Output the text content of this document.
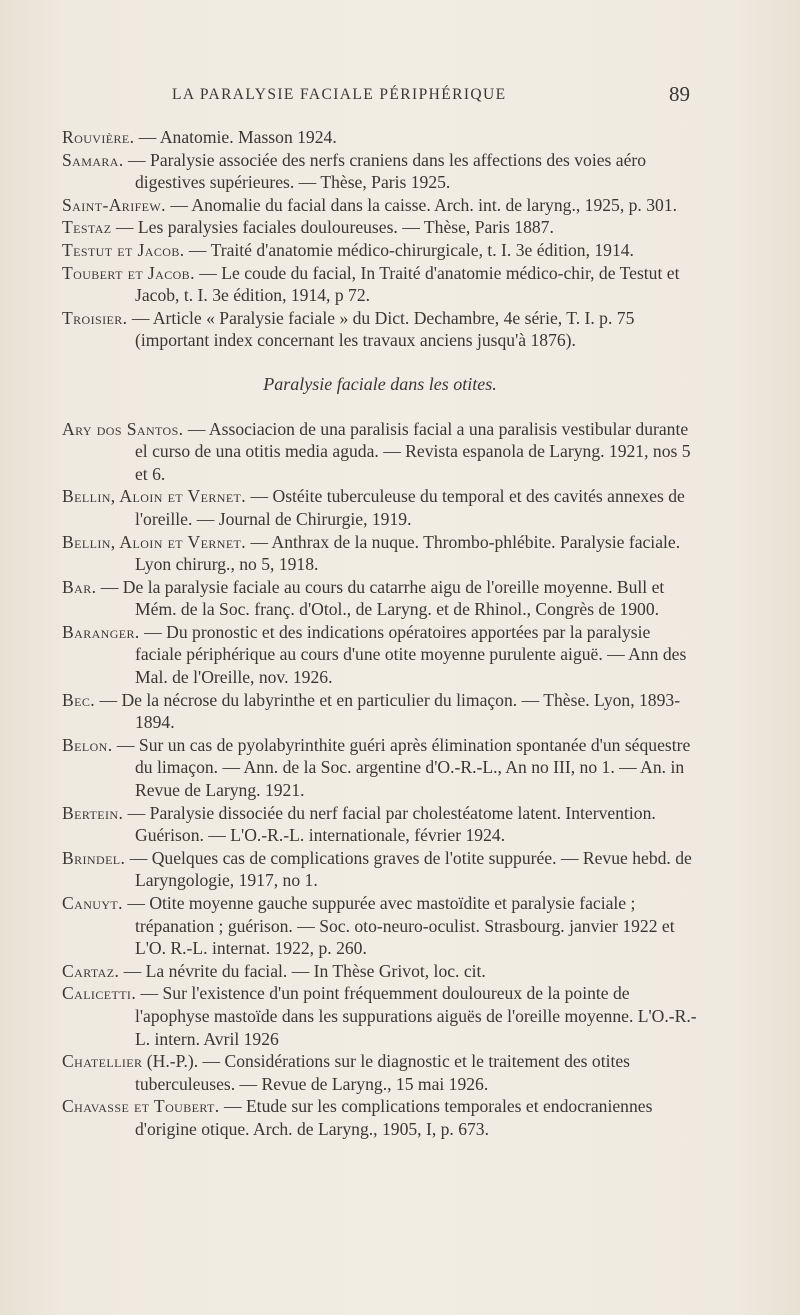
LA PARALYSIE FACIALE PÉRIPHÉRIQUE	89

Rouvière. — Anatomie. Masson 1924.

Samara. — Paralysie associée des nerfs craniens dans les affections des voies aéro digestives supérieures. — Thèse, Paris 1925.

Saint-Arifew. — Anomalie du facial dans la caisse. Arch. int. de laryng., 1925, p. 301.

Testaz — Les paralysies faciales douloureuses. — Thèse, Paris 1887.

Testut et Jacob. — Traité d'anatomie médico-chirurgicale, t. I. 3e édition, 1914.

Toubert et Jacob. — Le coude du facial, In Traité d'anatomie médico-chir, de Testut et Jacob, t. I. 3e édition, 1914, p 72.

Troisier. — Article « Paralysie faciale » du Dict. Dechambre, 4e série, T. I. p. 75 (important index concernant les travaux anciens jusqu'à 1876).

Paralysie faciale dans les otites.

Ary dos Santos. — Associacion de una paralisis facial a una paralisis vestibular durante el curso de una otitis media aguda. — Revista espanola de Laryng. 1921, nos 5 et 6.

Bellin, Aloin et Vernet. — Ostéite tuberculeuse du temporal et des cavités annexes de l'oreille. — Journal de Chirurgie, 1919.

Bellin, Aloin et Vernet. — Anthrax de la nuque. Thrombo-phlébite. Paralysie faciale. Lyon chirurg., no 5, 1918.

Bar. — De la paralysie faciale au cours du catarrhe aigu de l'oreille moyenne. Bull et Mém. de la Soc. franç. d'Otol., de Laryng. et de Rhinol., Congrès de 1900.

Baranger. — Du pronostic et des indications opératoires apportées par la paralysie faciale périphérique au cours d'une otite moyenne purulente aiguë. — Ann des Mal. de l'Oreille, nov. 1926.

Bec. — De la nécrose du labyrinthe et en particulier du limaçon. — Thèse. Lyon, 1893-1894.

Belon. — Sur un cas de pyolabyrinthite guéri après élimination spontanée d'un séquestre du limaçon. — Ann. de la Soc. argentine d'O.-R.-L., An no III, no 1. — An. in Revue de Laryng. 1921.

Bertein. — Paralysie dissociée du nerf facial par cholestéatome latent. Intervention. Guérison. — L'O.-R.-L. internationale, février 1924.

Brindel. — Quelques cas de complications graves de l'otite suppurée. — Revue hebd. de Laryngologie, 1917, no 1.

Canuyt. — Otite moyenne gauche suppurée avec mastoïdite et paralysie faciale ; trépanation ; guérison. — Soc. oto-neuro-oculist. Strasbourg. janvier 1922 et L'O. R.-L. internat. 1922, p. 260.

Cartaz. — La névrite du facial. — In Thèse Grivot, loc. cit.

Calicetti. — Sur l'existence d'un point fréquemment douloureux de la pointe de l'apophyse mastoïde dans les suppurations aiguës de l'oreille moyenne. L'O.-R.-L. intern. Avril 1926

Chatellier (H.-P.). — Considérations sur le diagnostic et le traitement des otites tuberculeuses. — Revue de Laryng., 15 mai 1926.

Chavasse et Toubert. — Etude sur les complications temporales et endocraniennes d'origine otique. Arch. de Laryng., 1905, I, p. 673.
